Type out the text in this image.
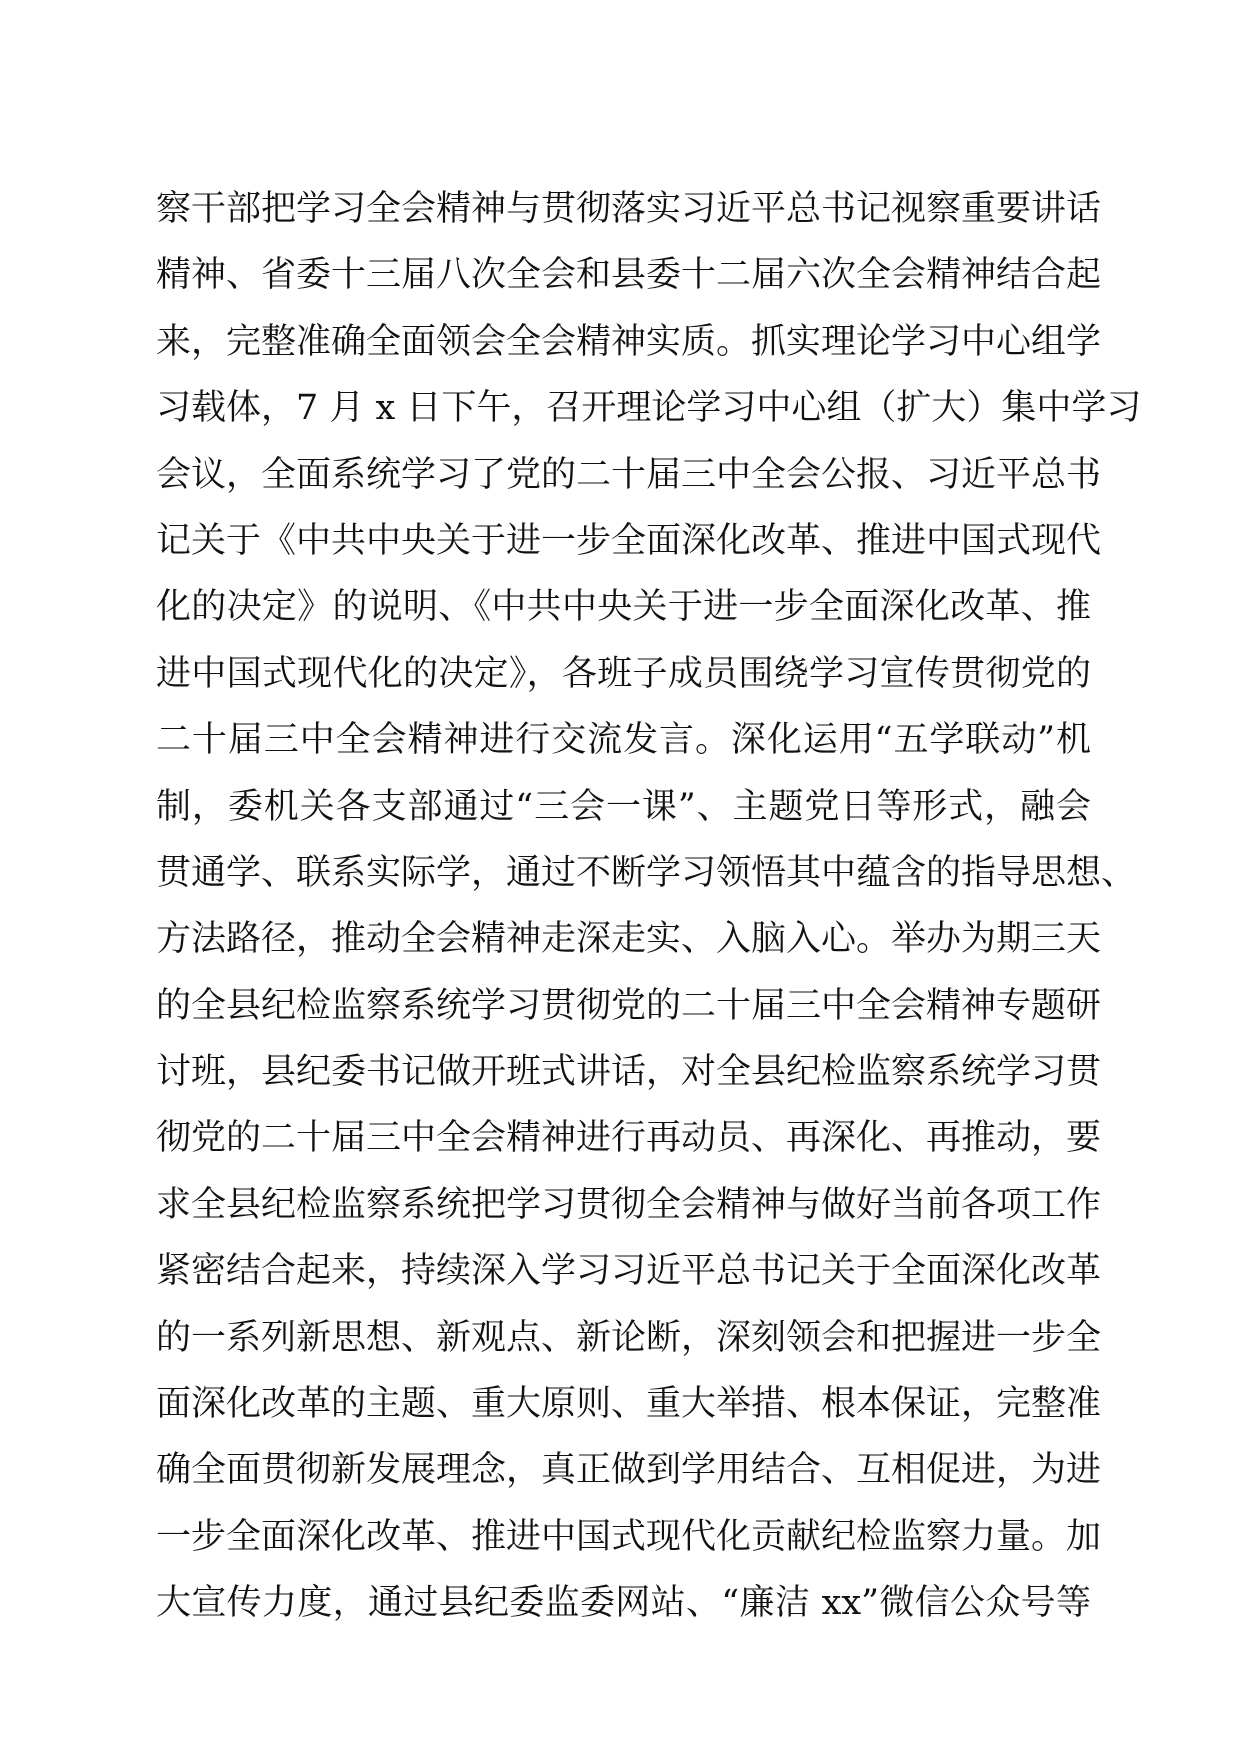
察干部把学习全会精神与贯彻落实习近平总书记视察重要讲话
精神、省委十三届八次全会和县委十二届六次全会精神结合起
来，完整准确全面领会全会精神实质。抓实理论学习中心组学
习载体，7 月 x 日下午，召开理论学习中心组（扩大）集中学习
会议，全面系统学习了党的二十届三中全会公报、习近平总书
记关于《中共中央关于进一步全面深化改革、推进中国式现代
化的决定》的说明、《中共中央关于进一步全面深化改革、推
进中国式现代化的决定》，各班子成员围绕学习宣传贯彻党的
二十届三中全会精神进行交流发言。深化运用“五学联动”机
制，委机关各支部通过“三会一课”、主题党日等形式，融会
贯通学、联系实际学，通过不断学习领悟其中蕴含的指导思想、
方法路径，推动全会精神走深走实、入脑入心。举办为期三天
的全县纪检监察系统学习贯彻党的二十届三中全会精神专题研
讨班，县纪委书记做开班式讲话，对全县纪检监察系统学习贯
彻党的二十届三中全会精神进行再动员、再深化、再推动，要
求全县纪检监察系统把学习贯彻全会精神与做好当前各项工作
紧密结合起来，持续深入学习习近平总书记关于全面深化改革
的一系列新思想、新观点、新论断，深刻领会和把握进一步全
面深化改革的主题、重大原则、重大举措、根本保证，完整准
确全面贯彻新发展理念，真正做到学用结合、互相促进，为进
一步全面深化改革、推进中国式现代化贡献纪检监察力量。加
大宣传力度，通过县纪委监委网站、“廉洁 xx”微信公众号等
